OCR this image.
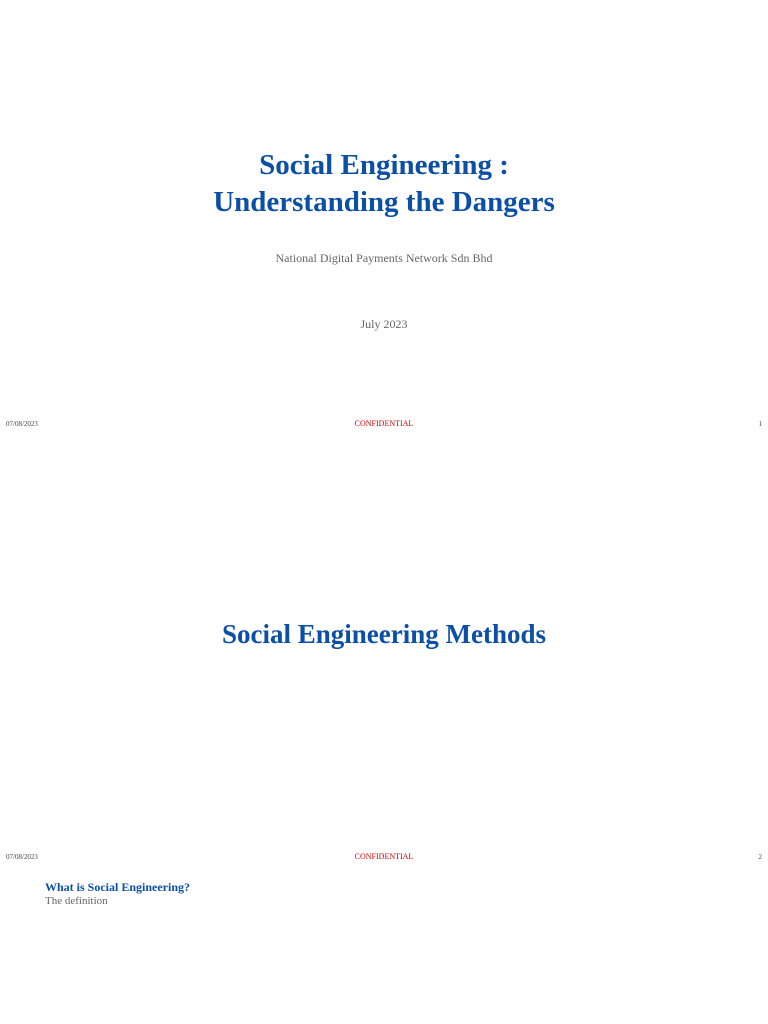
Social Engineering :
Understanding the Dangers
National Digital Payments Network Sdn Bhd
July 2023
07/08/2023	CONFIDENTIAL	1
Social Engineering Methods
07/08/2023	CONFIDENTIAL	2
What is Social Engineering?
The definition
